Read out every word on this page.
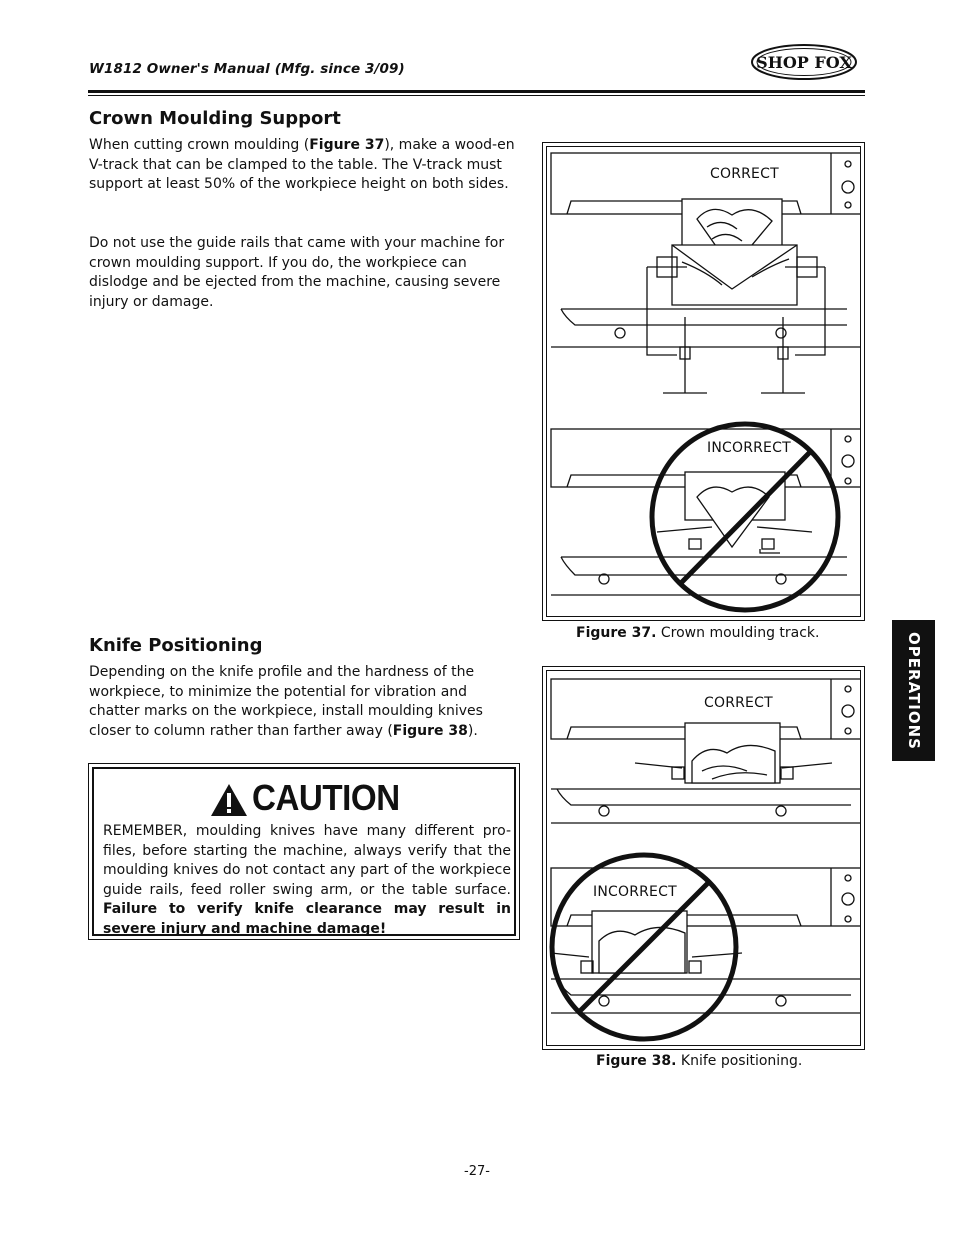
W1812 Owner's Manual (Mfg. since 3/09)	SHOP FOX
Crown Moulding Support
When cutting crown moulding (Figure 37), make a wood-en V-track that can be clamped to the table. The V-track must support at least 50% of the workpiece height on both sides.
Do not use the guide rails that came with your machine for crown moulding support. If you do, the workpiece can dislodge and be ejected from the machine, causing severe injury or damage.
Knife Positioning
Depending on the knife profile and the hardness of the workpiece, to minimize the potential for vibration and chatter marks on the workpiece, install moulding knives closer to column rather than farther away (Figure 38).
CAUTION
REMEMBER, moulding knives have many different pro-files, before starting the machine, always verify that the moulding knives do not contact any part of the workpiece guide rails, feed roller swing arm, or the table surface. Failure to verify knife clearance may result in severe injury and machine damage!
CORRECT
INCORRECT
Figure 37. Crown moulding track.
CORRECT
INCORRECT
Figure 38. Knife positioning.
OPERATIONS
-27-
